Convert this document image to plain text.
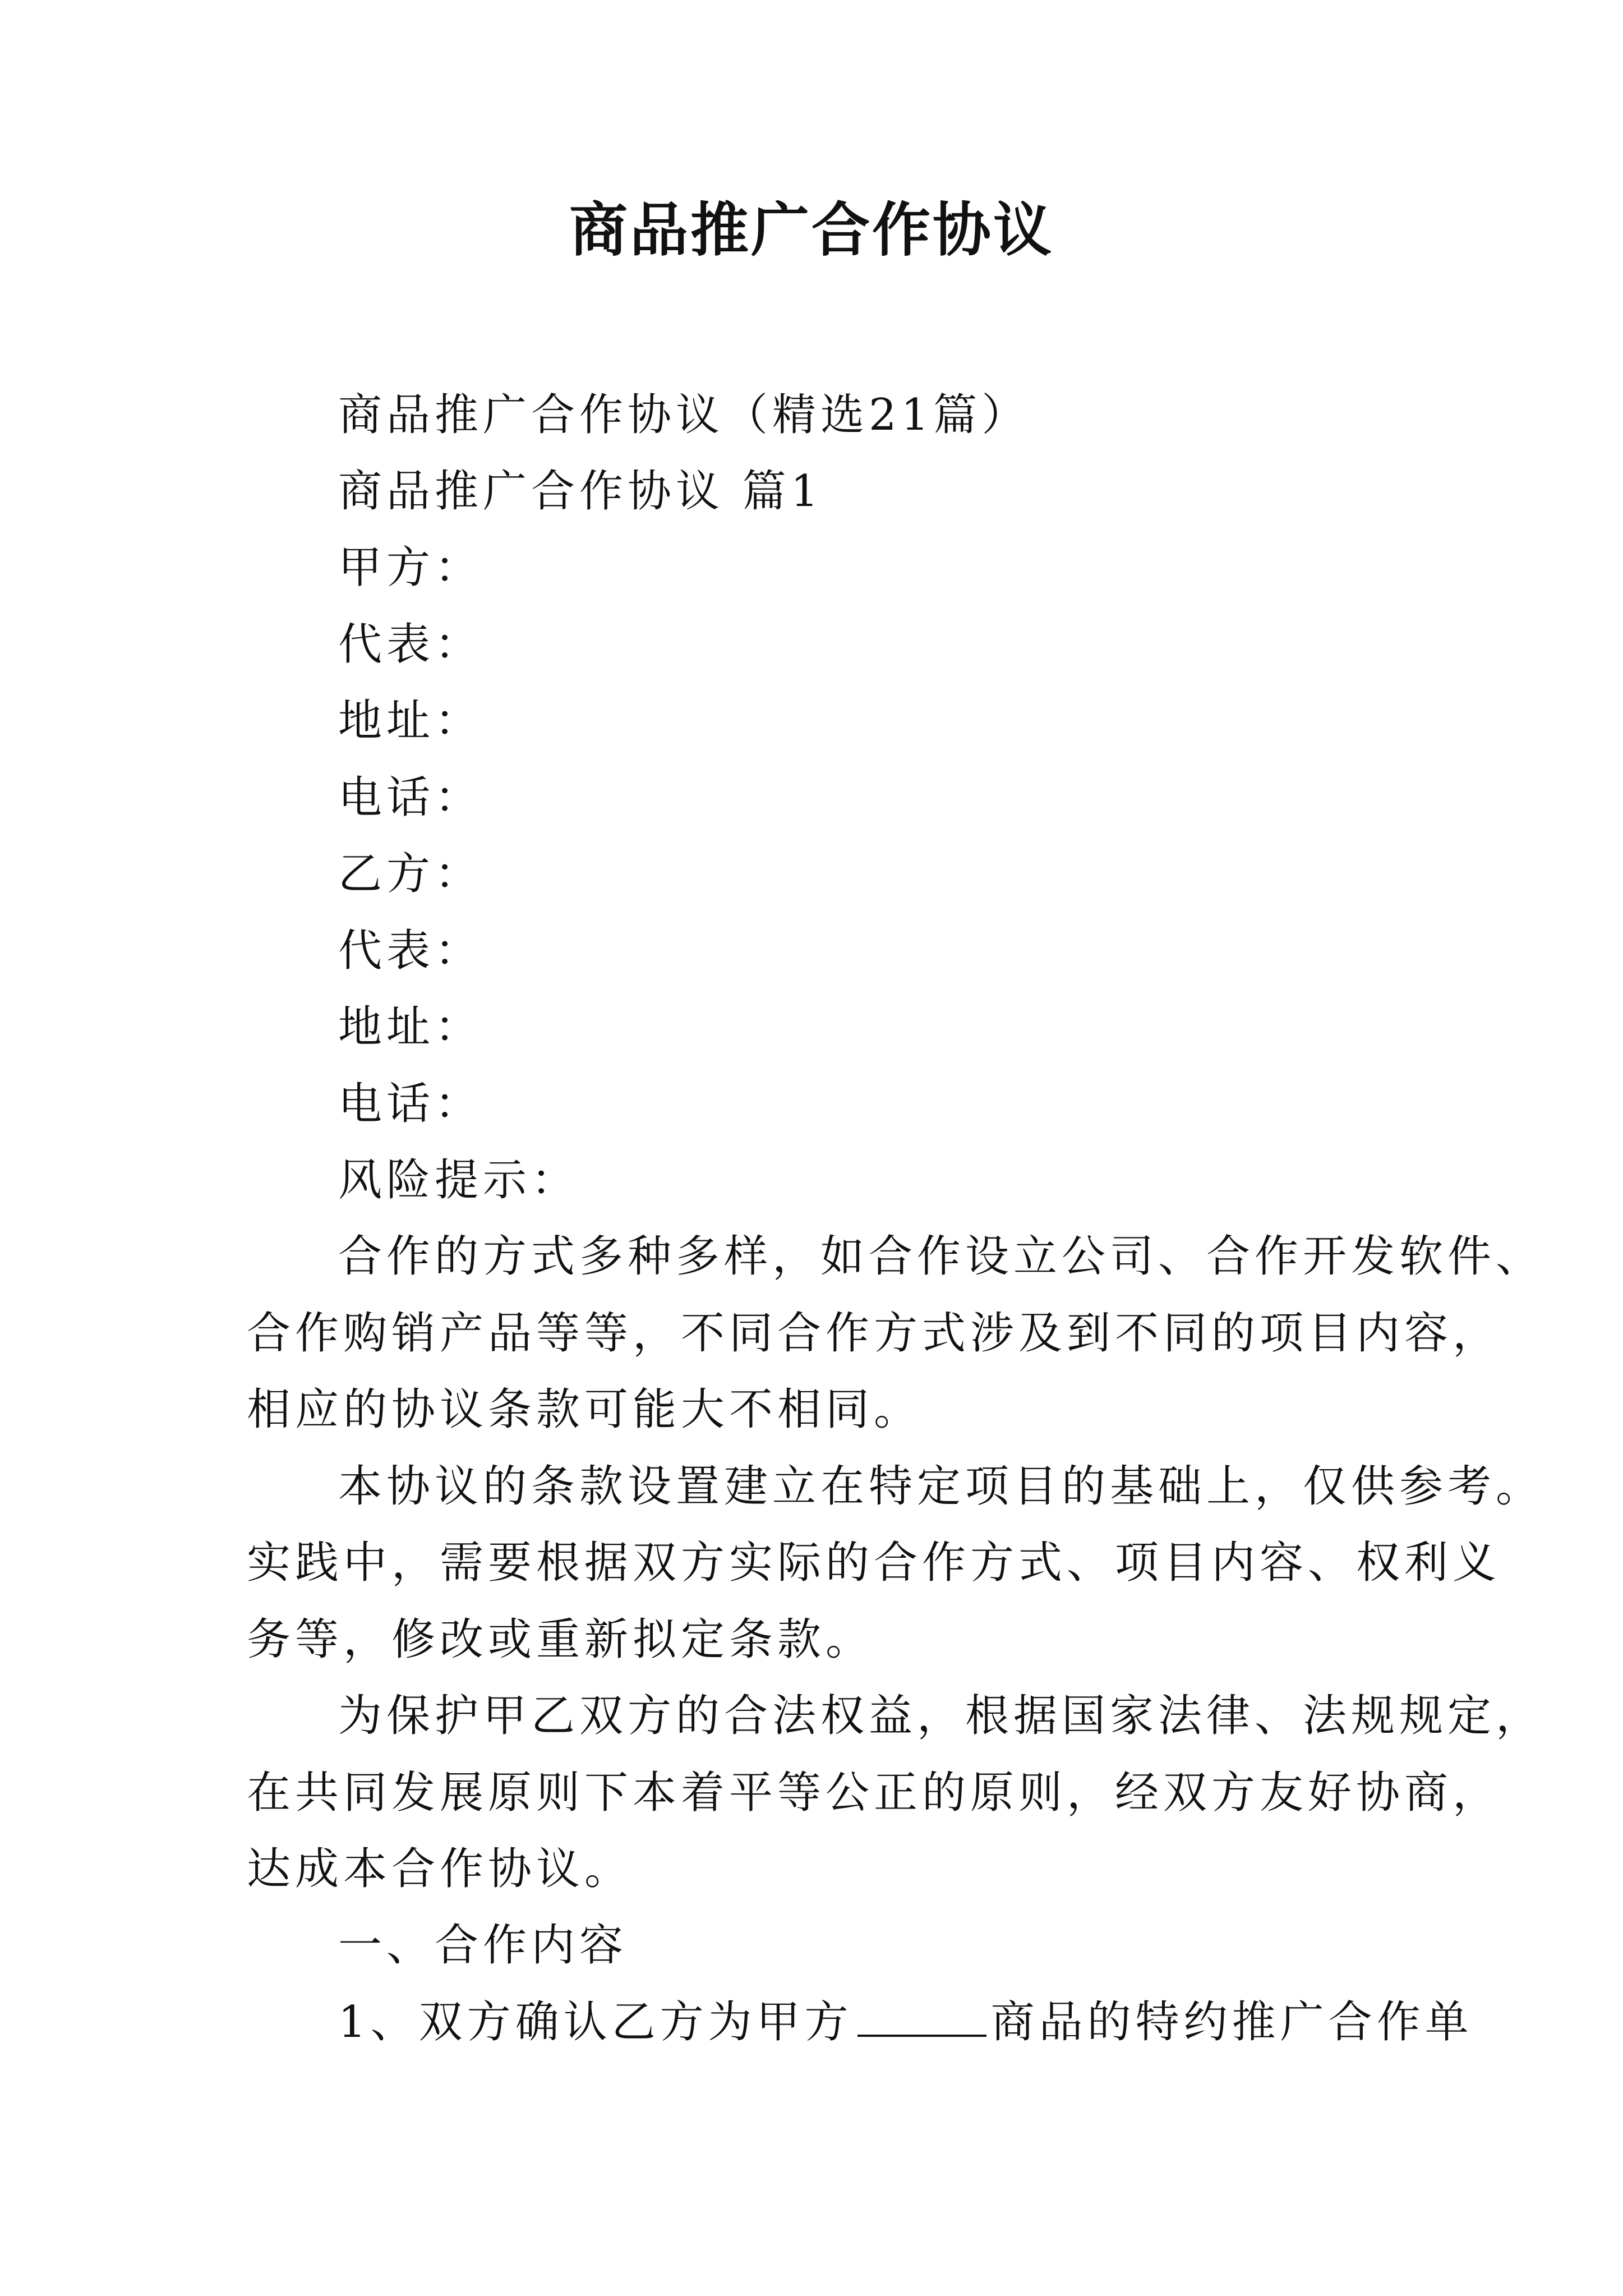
商品推广合作协议
商品推广合作协议（精选21篇）
商品推广合作协议 篇1
甲方：
代表：
地址：
电话：
乙方：
代表：
地址：
电话：
风险提示：
合作的方式多种多样，如合作设立公司、合作开发软件、
合作购销产品等等，不同合作方式涉及到不同的项目内容，
相应的协议条款可能大不相同。
本协议的条款设置建立在特定项目的基础上，仅供参考。
实践中，需要根据双方实际的合作方式、项目内容、权利义
务等，修改或重新拟定条款。
为保护甲乙双方的合法权益，根据国家法律、法规规定，
在共同发展原则下本着平等公正的原则，经双方友好协商，
达成本合作协议。
一、合作内容
1、双方确认乙方为甲方	商品的特约推广合作单
